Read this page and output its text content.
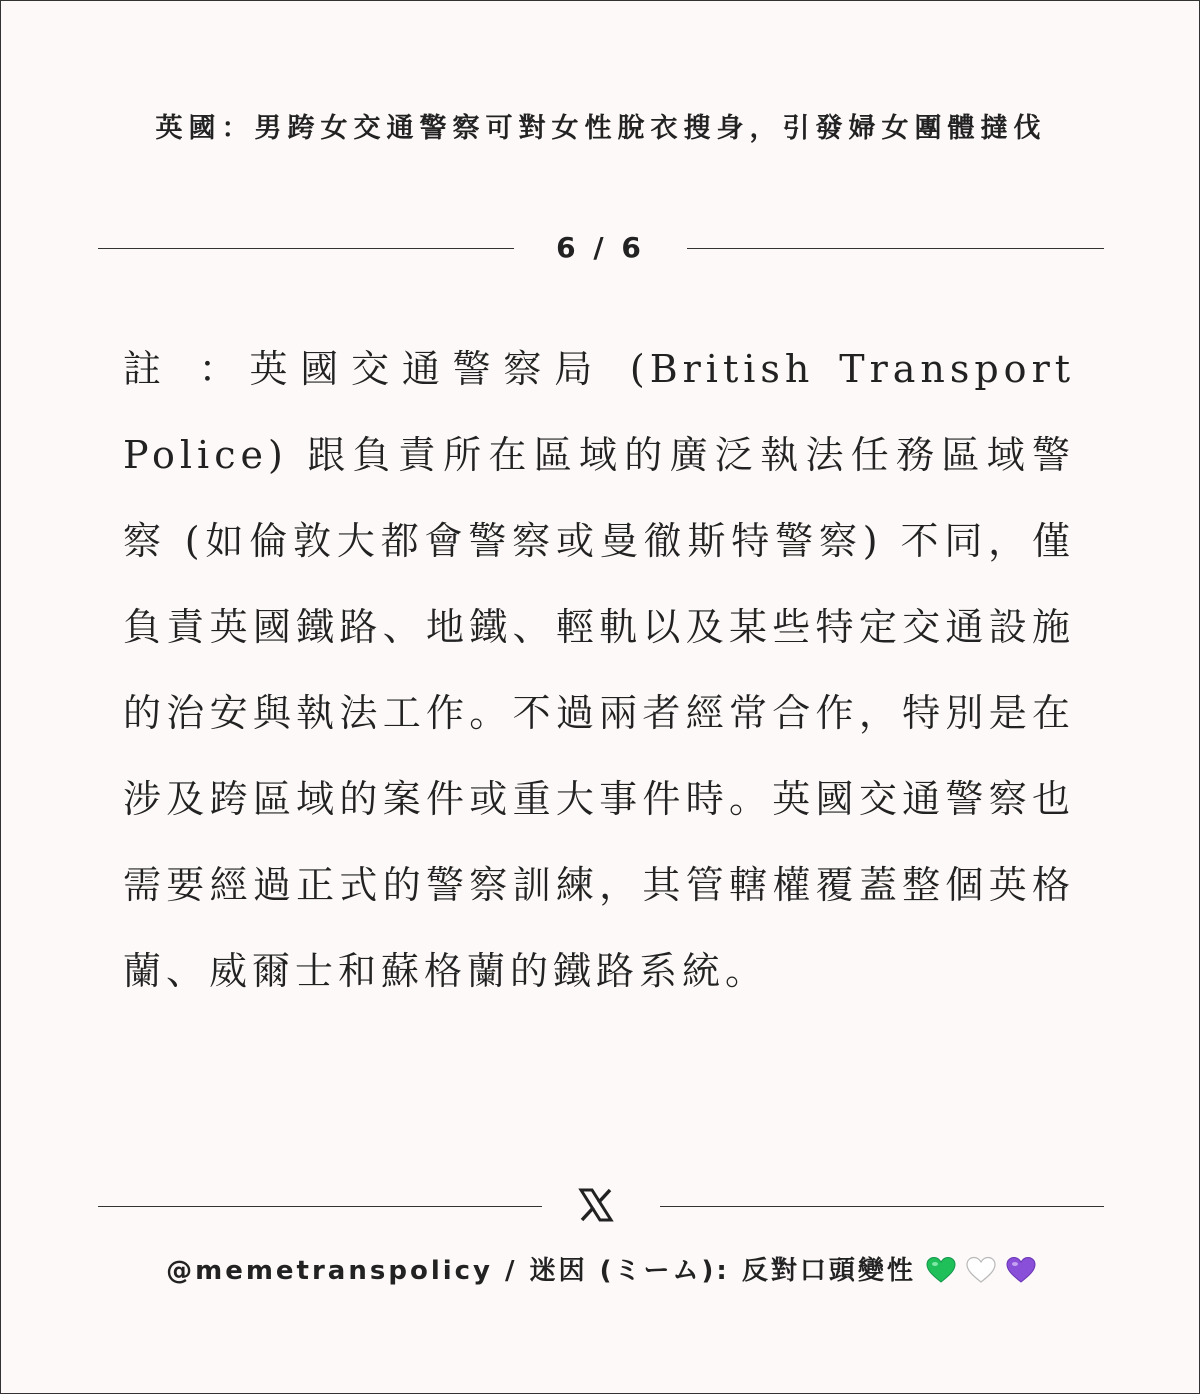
英國：男跨女交通警察可對女性脫衣搜身，引發婦女團體撻伐
6 / 6
註 ：英國交通警察局 (British Transport Police) 跟負責所在區域的廣泛執法任務區域警察 (如倫敦大都會警察或曼徹斯特警察) 不同，僅負責英國鐵路、地鐵、輕軌以及某些特定交通設施的治安與執法工作。不過兩者經常合作，特別是在涉及跨區域的案件或重大事件時。英國交通警察也需要經過正式的警察訓練，其管轄權覆蓋整個英格蘭、威爾士和蘇格蘭的鐵路系統。
@memetranspolicy / 迷因 (ミーム): 反對口頭變性
